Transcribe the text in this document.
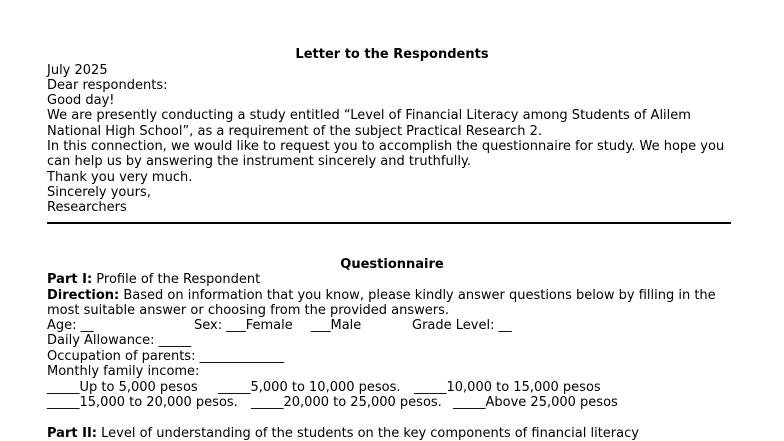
Letter to the Respondents
July 2025
Dear respondents:
Good day!
We are presently conducting a study entitled “Level of Financial Literacy among Students of Alilem
National High School”, as a requirement of the subject Practical Research 2.
In this connection, we would like to request you to accomplish the questionnaire for study. We hope you
can help us by answering the instrument sincerely and truthfully.
Thank you very much.
Sincerely yours,
Researchers
Questionnaire
Part I: Profile of the Respondent
Direction: Based on information that you know, please kindly answer questions below by filling in the
most suitable answer or choosing from the provided answers.
Age: __	Sex: ___Female ___Male	Grade Level: __
Daily Allowance: _____
Occupation of parents: _____________
Monthly family income:
_____Up to 5,000 pesos _____5,000 to 10,000 pesos. _____10,000 to 15,000 pesos
_____15,000 to 20,000 pesos. _____20,000 to 25,000 pesos. _____Above 25,000 pesos
Part II: Level of understanding of the students on the key components of financial literacy
